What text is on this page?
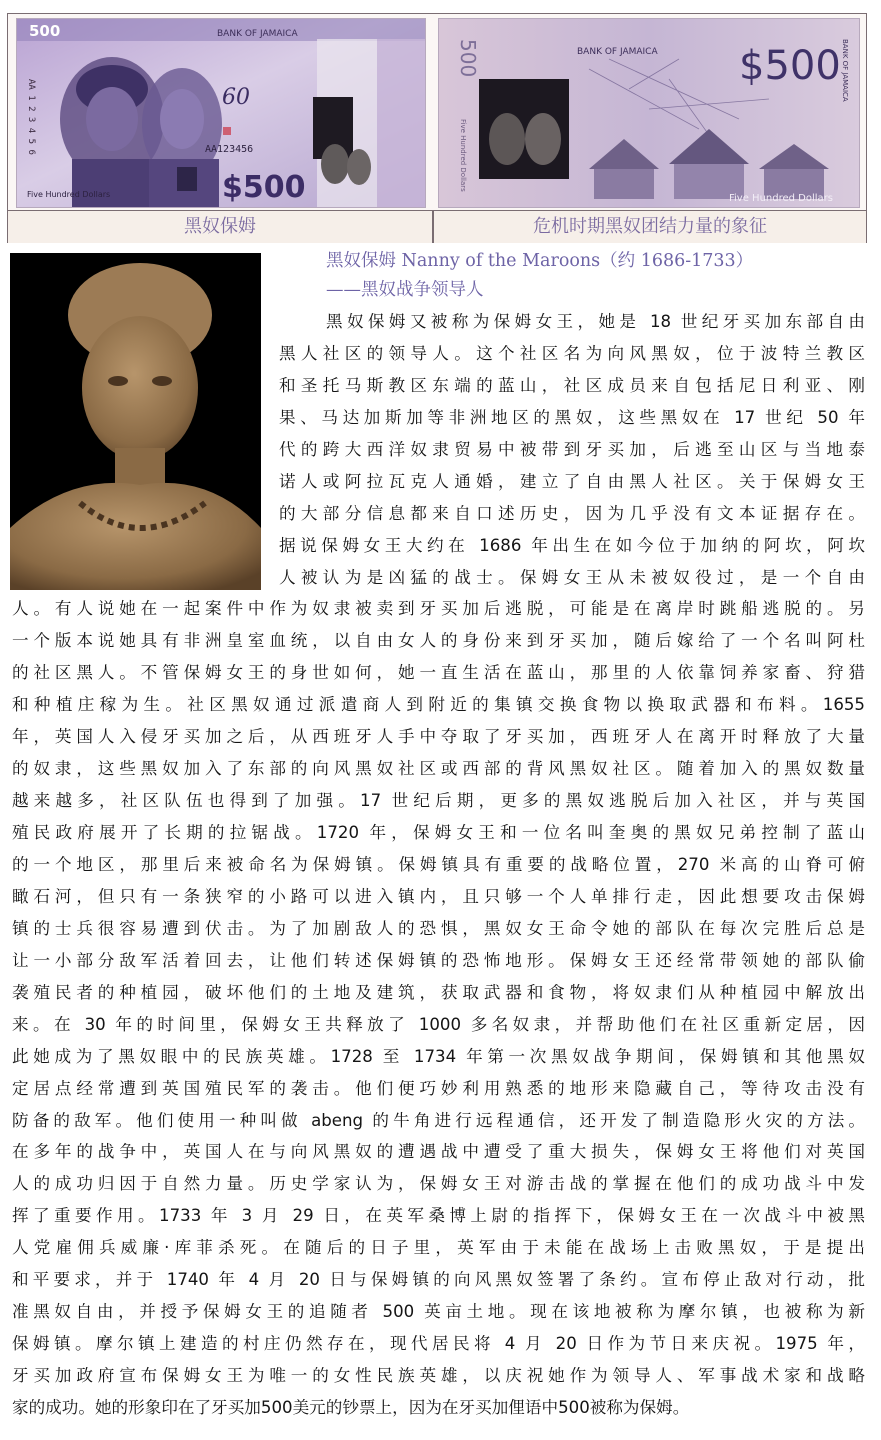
500	BANK OF JAMAICA
AA 1 2 3 4 5 6	60
AA123456
Five Hundred Dollars	$500
500
Five Hundred Dollars
BANK OF JAMAICA $500 BANK OF JAMAICA
Five Hundred Dollars
黑奴保姆	危机时期黑奴团结力量的象征
黑奴保姆 Nanny of the Maroons（约 1686-1733）
——黑奴战争领导人
黑奴保姆又被称为保姆女王，她是 18 世纪牙买加东部自由
黑人社区的领导人。这个社区名为向风黑奴，位于波特兰教区
和圣托马斯教区东端的蓝山，社区成员来自包括尼日利亚、刚
果、马达加斯加等非洲地区的黑奴，这些黑奴在 17 世纪 50 年
代的跨大西洋奴隶贸易中被带到牙买加，后逃至山区与当地泰
诺人或阿拉瓦克人通婚，建立了自由黑人社区。关于保姆女王
的大部分信息都来自口述历史，因为几乎没有文本证据存在。
据说保姆女王大约在 1686 年出生在如今位于加纳的阿坎，阿坎
人被认为是凶猛的战士。保姆女王从未被奴役过，是一个自由
人。有人说她在一起案件中作为奴隶被卖到牙买加后逃脱，可能是在离岸时跳船逃脱的。另
一个版本说她具有非洲皇室血统，以自由女人的身份来到牙买加，随后嫁给了一个名叫阿杜
的社区黑人。不管保姆女王的身世如何，她一直生活在蓝山，那里的人依靠饲养家畜、狩猎
和种植庄稼为生。社区黑奴通过派遣商人到附近的集镇交换食物以换取武器和布料。1655
年，英国人入侵牙买加之后，从西班牙人手中夺取了牙买加，西班牙人在离开时释放了大量
的奴隶，这些黑奴加入了东部的向风黑奴社区或西部的背风黑奴社区。随着加入的黑奴数量
越来越多，社区队伍也得到了加强。17 世纪后期，更多的黑奴逃脱后加入社区，并与英国
殖民政府展开了长期的拉锯战。1720 年，保姆女王和一位名叫奎奥的黑奴兄弟控制了蓝山
的一个地区，那里后来被命名为保姆镇。保姆镇具有重要的战略位置，270 米高的山脊可俯
瞰石河，但只有一条狭窄的小路可以进入镇内，且只够一个人单排行走，因此想要攻击保姆
镇的士兵很容易遭到伏击。为了加剧敌人的恐惧，黑奴女王命令她的部队在每次完胜后总是
让一小部分敌军活着回去，让他们转述保姆镇的恐怖地形。保姆女王还经常带领她的部队偷
袭殖民者的种植园，破坏他们的土地及建筑，获取武器和食物，将奴隶们从种植园中解放出
来。在 30 年的时间里，保姆女王共释放了 1000 多名奴隶，并帮助他们在社区重新定居，因
此她成为了黑奴眼中的民族英雄。1728 至 1734 年第一次黑奴战争期间，保姆镇和其他黑奴
定居点经常遭到英国殖民军的袭击。他们便巧妙利用熟悉的地形来隐藏自己，等待攻击没有
防备的敌军。他们使用一种叫做 abeng 的牛角进行远程通信，还开发了制造隐形火灾的方法。
在多年的战争中，英国人在与向风黑奴的遭遇战中遭受了重大损失，保姆女王将他们对英国
人的成功归因于自然力量。历史学家认为，保姆女王对游击战的掌握在他们的成功战斗中发
挥了重要作用。1733 年 3 月 29 日，在英军桑博上尉的指挥下，保姆女王在一次战斗中被黑
人党雇佣兵威廉·库菲杀死。在随后的日子里，英军由于未能在战场上击败黑奴，于是提出
和平要求，并于 1740 年 4 月 20 日与保姆镇的向风黑奴签署了条约。宣布停止敌对行动，批
准黑奴自由，并授予保姆女王的追随者 500 英亩土地。现在该地被称为摩尔镇，也被称为新
保姆镇。摩尔镇上建造的村庄仍然存在，现代居民将 4 月 20 日作为节日来庆祝。1975 年，
牙买加政府宣布保姆女王为唯一的女性民族英雄，以庆祝她作为领导人、军事战术家和战略
家的成功。她的形象印在了牙买加500美元的钞票上，因为在牙买加俚语中500被称为保姆。
